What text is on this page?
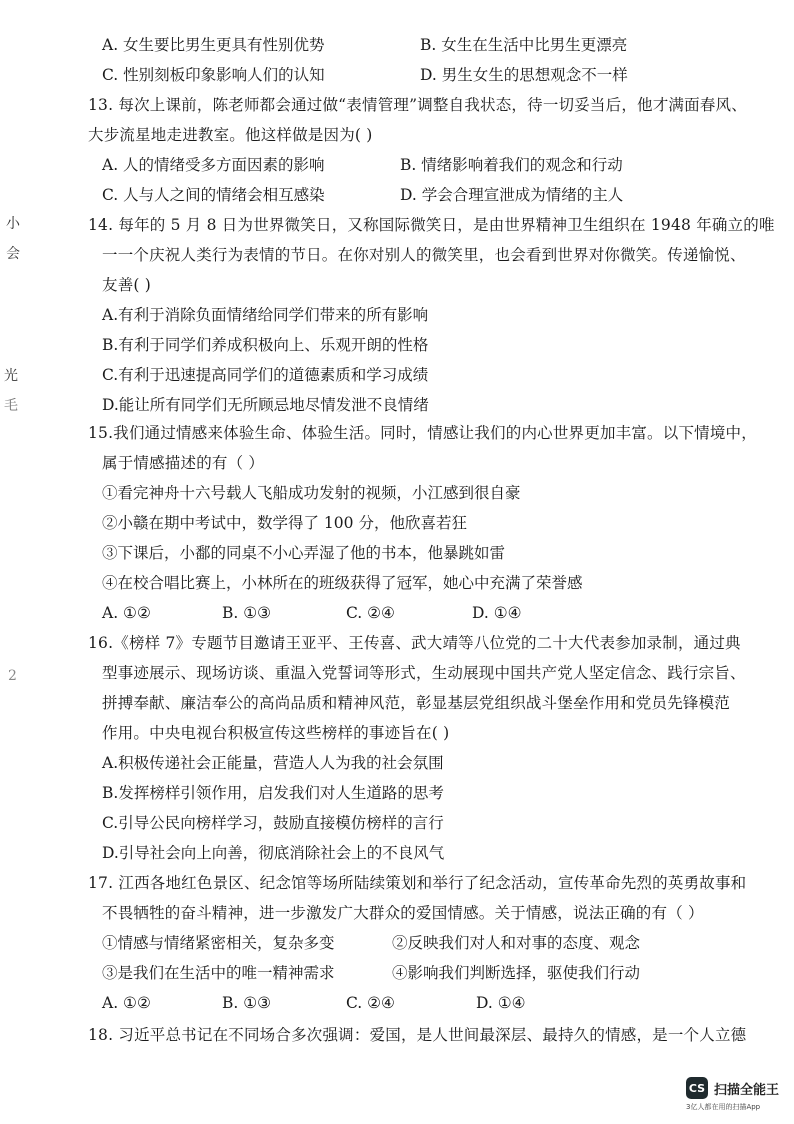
小
会
光
毛
2
A. 女生要比男生更具有性别优势	B. 女生在生活中比男生更漂亮
C. 性别刻板印象影响人们的认知	D. 男生女生的思想观念不一样
13. 每次上课前，陈老师都会通过做“表情管理”调整自我状态，待一切妥当后，他才满面春风、
大步流星地走进教室。他这样做是因为( )
A. 人的情绪受多方面因素的影响	B. 情绪影响着我们的观念和行动
C. 人与人之间的情绪会相互感染	D. 学会合理宣泄成为情绪的主人
14. 每年的 5 月 8 日为世界微笑日，又称国际微笑日，是由世界精神卫生组织在 1948 年确立的唯
一一个庆祝人类行为表情的节日。在你对别人的微笑里，也会看到世界对你微笑。传递愉悦、
友善( )
A.有利于消除负面情绪给同学们带来的所有影响
B.有利于同学们养成积极向上、乐观开朗的性格
C.有利于迅速提高同学们的道德素质和学习成绩
D.能让所有同学们无所顾忌地尽情发泄不良情绪
15.我们通过情感来体验生命、体验生活。同时，情感让我们的内心世界更加丰富。以下情境中，
属于情感描述的有（ ）
①看完神舟十六号载人飞船成功发射的视频，小江感到很自豪
②小赣在期中考试中，数学得了 100 分，他欣喜若狂
③下课后，小鄱的同桌不小心弄湿了他的书本，他暴跳如雷
④在校合唱比赛上，小林所在的班级获得了冠军，她心中充满了荣誉感
A. ①②	B. ①③	C. ②④	D. ①④
16.《榜样 7》专题节目邀请王亚平、王传喜、武大靖等八位党的二十大代表参加录制，通过典
型事迹展示、现场访谈、重温入党誓词等形式，生动展现中国共产党人坚定信念、践行宗旨、
拼搏奉献、廉洁奉公的高尚品质和精神风范，彰显基层党组织战斗堡垒作用和党员先锋模范
作用。中央电视台积极宣传这些榜样的事迹旨在( )
A.积极传递社会正能量，营造人人为我的社会氛围
B.发挥榜样引领作用，启发我们对人生道路的思考
C.引导公民向榜样学习，鼓励直接模仿榜样的言行
D.引导社会向上向善，彻底消除社会上的不良风气
17. 江西各地红色景区、纪念馆等场所陆续策划和举行了纪念活动，宣传革命先烈的英勇故事和
不畏牺牲的奋斗精神，进一步激发广大群众的爱国情感。关于情感，说法正确的有（ ）
①情感与情绪紧密相关，复杂多变	②反映我们对人和对事的态度、观念
③是我们在生活中的唯一精神需求	④影响我们判断选择，驱使我们行动
A. ①②	B. ①③	C. ②④	D. ①④
18. 习近平总书记在不同场合多次强调：爱国，是人世间最深层、最持久的情感，是一个人立德
CS 扫描全能王
3亿人都在用的扫描App
